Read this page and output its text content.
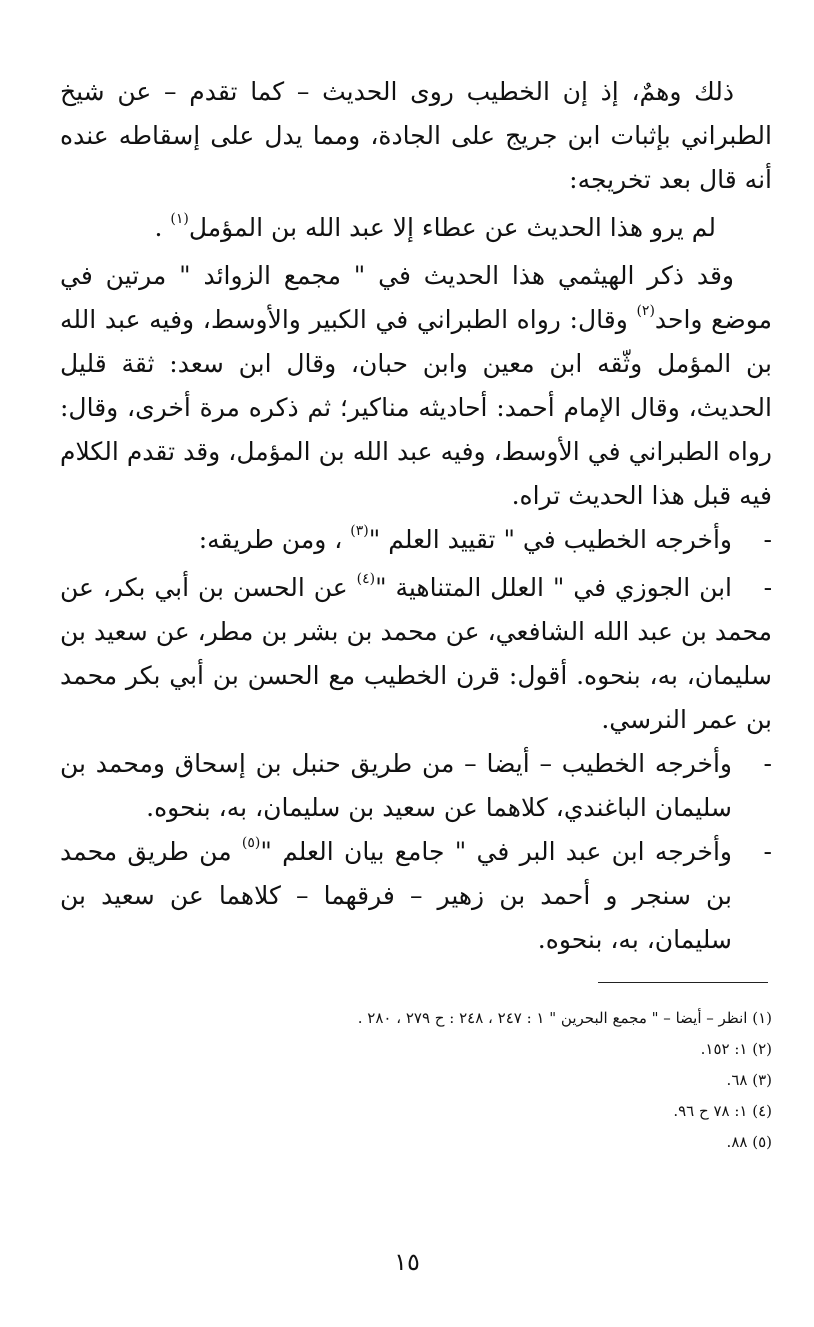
ذلك وهمٌ، إذ إن الخطيب روى الحديث – كما تقدم – عن شيخ الطبراني بإثبات ابن جريج على الجادة، ومما يدل على إسقاطه عنده أنه قال بعد تخريجه:

لم يرو هذا الحديث عن عطاء إلا عبد الله بن المؤمل$^{(١)}$ .

وقد ذكر الهيثمي هذا الحديث في " مجمع الزوائد " مرتين في موضع واحد$^{(٢)}$ وقال: رواه الطبراني في الكبير والأوسط، وفيه عبد الله بن المؤمل وثّقه ابن معين وابن حبان، وقال ابن سعد: ثقة قليل الحديث، وقال الإمام أحمد: أحاديثه مناكير؛ ثم ذكره مرة أخرى، وقال: رواه الطبراني في الأوسط، وفيه عبد الله بن المؤمل، وقد تقدم الكلام فيه قبل هذا الحديث تراه.

-
وأخرجه الخطيب في " تقييد العلم "$^{(٣)}$ ، ومن طريقه:

-ابن الجوزي في " العلل المتناهية "$^{(٤)}$ عن الحسن بن أبي بكر، عن محمد بن عبد الله الشافعي، عن محمد بن بشر بن مطر، عن سعيد بن سليمان، به، بنحوه. أقول: قرن الخطيب مع الحسن بن أبي بكر محمد بن عمر النرسي.

-
وأخرجه الخطيب – أيضا – من طريق حنبل بن إسحاق ومحمد بن سليمان الباغندي، كلاهما عن سعيد بن سليمان، به، بنحوه.
-
وأخرجه ابن عبد البر في " جامع بيان العلم "$^{(٥)}$ من طريق محمد بن سنجر و أحمد بن زهير – فرقهما – كلاهما عن سعيد بن سليمان، به، بنحوه.

(١) انظر – أيضا – " مجمع البحرين " ١ : ٢٤٧ ، ٢٤٨ : ح ٢٧٩ ، ٢٨٠ .

(٢) ١: ١٥٢.

(٣) ٦٨.

(٤) ١: ٧٨ ح ٩٦.

(٥) ٨٨.

١٥
